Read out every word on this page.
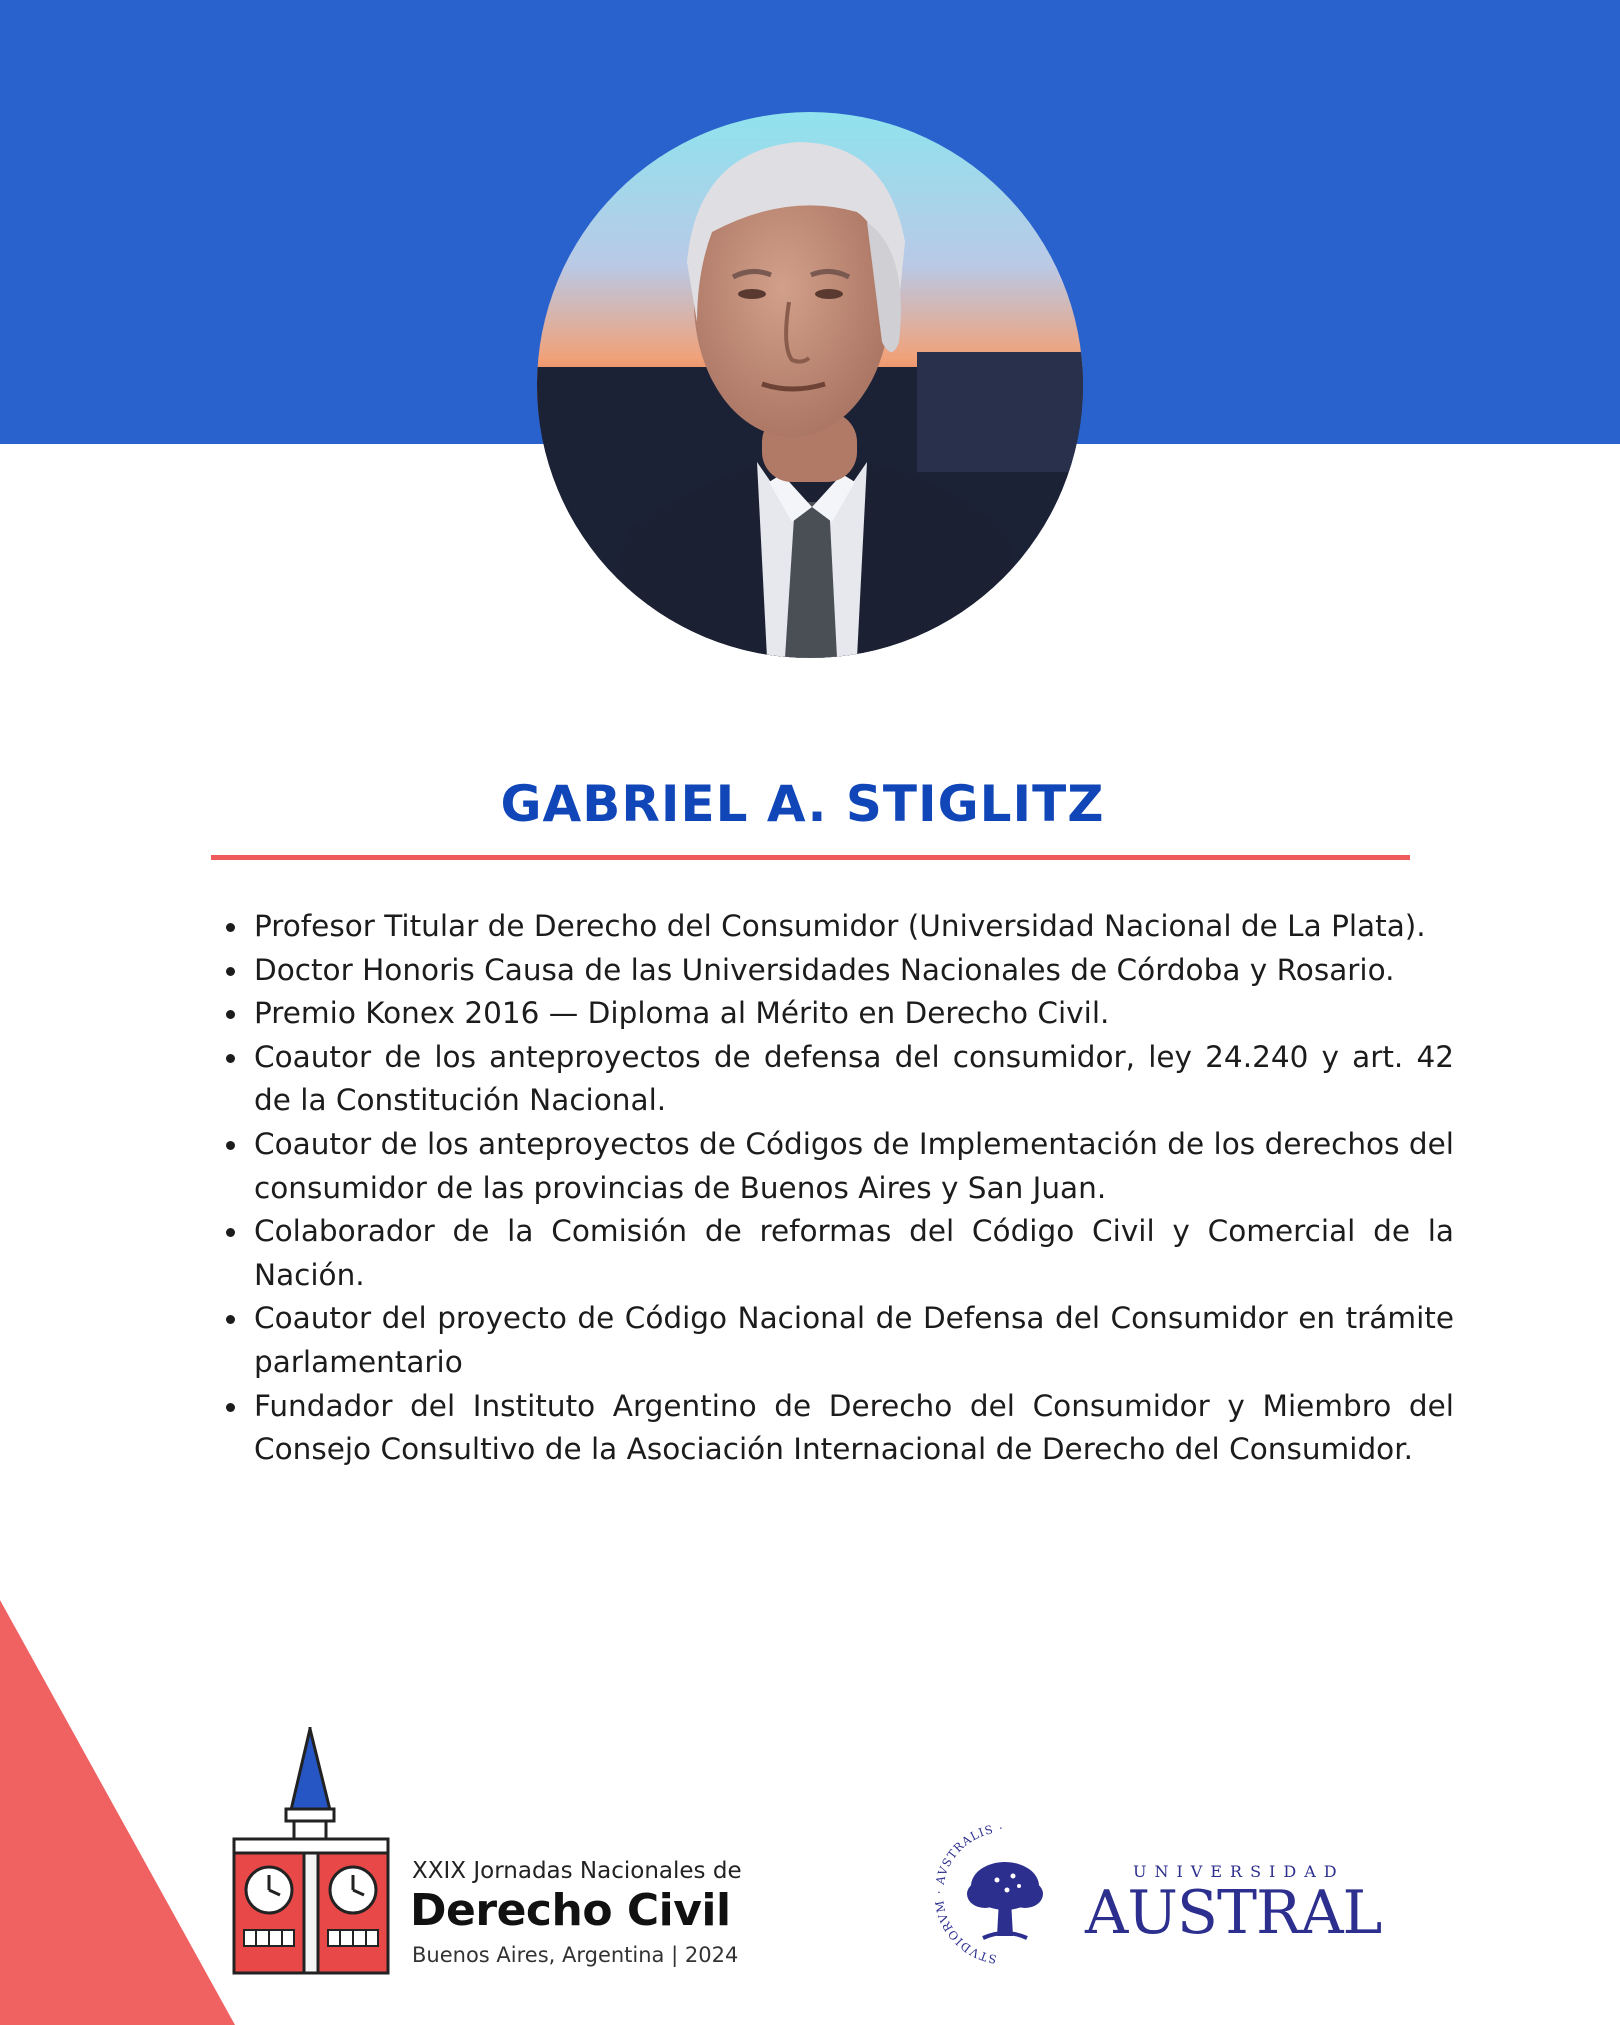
GABRIEL A. STIGLITZ
Profesor Titular de Derecho del Consumidor (Universidad Nacional de La Plata).
Doctor Honoris Causa de las Universidades Nacionales de Córdoba y Rosario.
Premio Konex 2016 — Diploma al Mérito en Derecho Civil.
Coautor de los anteproyectos de defensa del consumidor, ley 24.240 y art. 42 de la Constitución Nacional.
Coautor de los anteproyectos de Códigos de Implementación de los derechos del consumidor de las provincias de Buenos Aires y San Juan.
Colaborador de la Comisión de reformas del Código Civil y Comercial de la Nación.
Coautor del proyecto de Código Nacional de Defensa del Consumidor en trámite parlamentario
Fundador del Instituto Argentino de Derecho del Consumidor y Miembro del Consejo Consultivo de la Asociación Internacional de Derecho del Consumidor.
XXIX Jornadas Nacionales de
Derecho Civil
Buenos Aires, Argentina | 2024	STVDIORV VSTRALIS ·
UNIVERSIDAD
AUSTRAL
